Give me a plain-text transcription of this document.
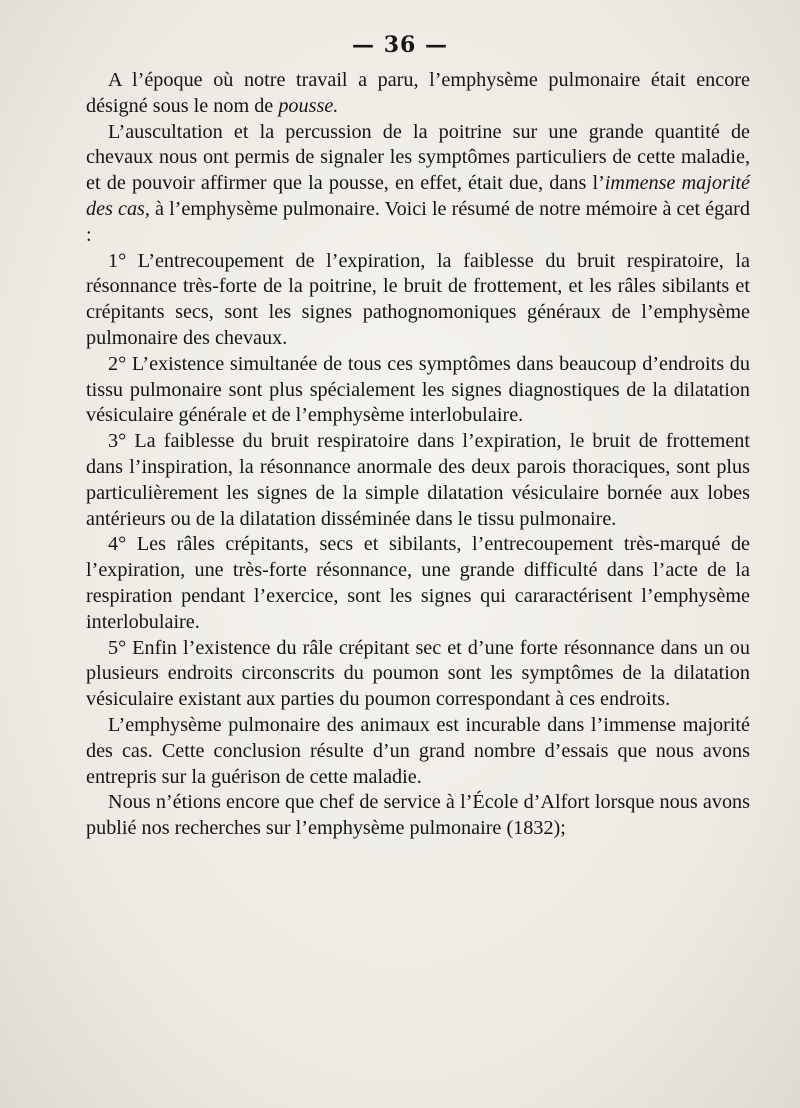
— 36 —

A l’époque où notre travail a paru, l’emphysème pulmonaire était encore désigné sous le nom de pousse.

L’auscultation et la percussion de la poitrine sur une grande quantité de chevaux nous ont permis de signaler les symptômes particuliers de cette maladie, et de pouvoir affirmer que la pousse, en effet, était due, dans l’immense majorité des cas, à l’emphysème pulmonaire. Voici le résumé de notre mémoire à cet égard :

1° L’entrecoupement de l’expiration, la faiblesse du bruit respiratoire, la résonnance très-forte de la poitrine, le bruit de frottement, et les râles sibilants et crépitants secs, sont les signes pathognomoniques généraux de l’emphysème pulmonaire des chevaux.

2° L’existence simultanée de tous ces symptômes dans beaucoup d’endroits du tissu pulmonaire sont plus spécialement les signes diagnostiques de la dilatation vésiculaire générale et de l’emphysème interlobulaire.

3° La faiblesse du bruit respiratoire dans l’expiration, le bruit de frottement dans l’inspiration, la résonnance anormale des deux parois thoraciques, sont plus particulièrement les signes de la simple dilatation vésiculaire bornée aux lobes antérieurs ou de la dilatation disséminée dans le tissu pulmonaire.

4° Les râles crépitants, secs et sibilants, l’entrecoupement très-marqué de l’expiration, une très-forte résonnance, une grande difficulté dans l’acte de la respiration pendant l’exercice, sont les signes qui cararactérisent l’emphysème interlobulaire.

5° Enfin l’existence du râle crépitant sec et d’une forte résonnance dans un ou plusieurs endroits circonscrits du poumon sont les symptômes de la dilatation vésiculaire existant aux parties du poumon correspondant à ces endroits.

L’emphysème pulmonaire des animaux est incurable dans l’immense majorité des cas. Cette conclusion résulte d’un grand nombre d’essais que nous avons entrepris sur la guérison de cette maladie.

Nous n’étions encore que chef de service à l’École d’Alfort lorsque nous avons publié nos recherches sur l’emphysème pulmonaire (1832);
